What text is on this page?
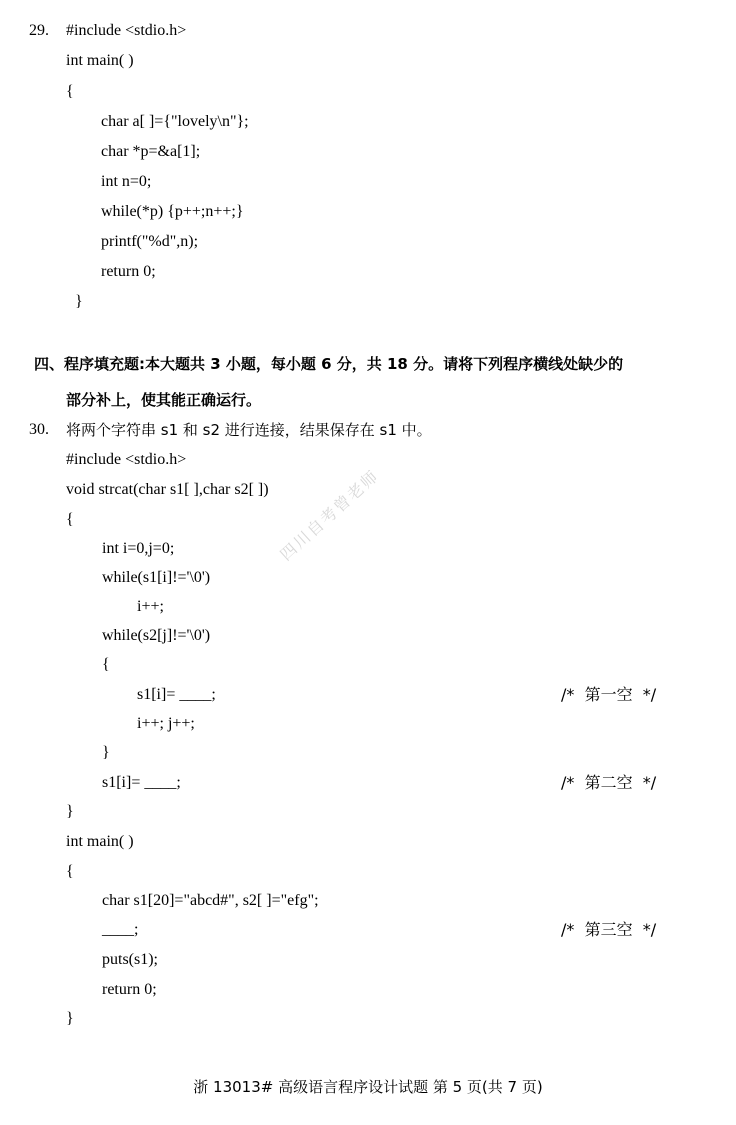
29. #include <stdio.h>
int main( )
{
char a[ ]={"lovely\n"};
char *p=&a[1];
int n=0;
while(*p) {p++;n++;}
printf("%d",n);
return 0;
}
四、程序填充题:本大题共 3 小题，每小题 6 分，共 18 分。请将下列程序横线处缺少的
部分补上，使其能正确运行。
30. 将两个字符串 s1 和 s2 进行连接，结果保存在 s1 中。
#include <stdio.h>
void strcat(char s1[ ],char s2[ ])
{
int i=0,j=0;
while(s1[i]!='\0')
i++;
while(s2[j]!='\0')
{
s1[i]= ____;	/*  第一空  */
i++; j++;
}
s1[i]= ____;	/*  第二空  */
}
int main( )
{
char s1[20]="abcd#", s2[ ]="efg";
____;	/*  第三空  */
puts(s1);
return 0;
}
四川自考曾老师
浙 13013# 高级语言程序设计试题 第 5 页(共 7 页)
